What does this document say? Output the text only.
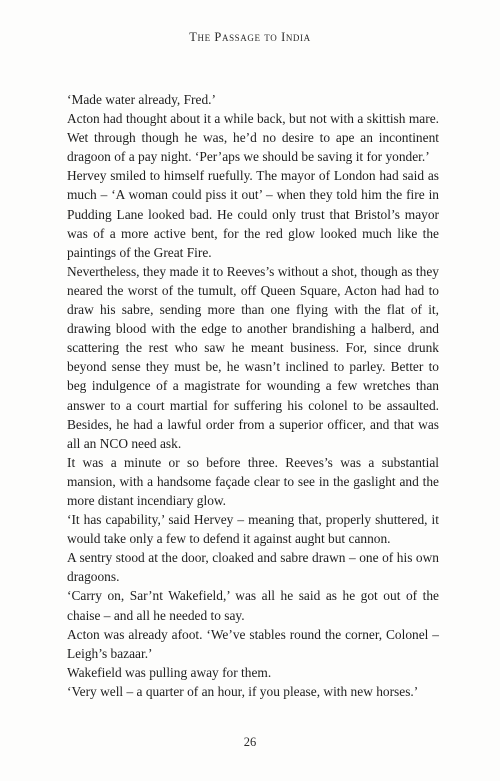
The Passage to India

‘Made water already, Fred.’

Acton had thought about it a while back, but not with a skittish mare. Wet through though he was, he’d no desire to ape an incontinent dragoon of a pay night. ‘Per’aps we should be saving it for yonder.’

Hervey smiled to himself ruefully. The mayor of London had said as much – ‘A woman could piss it out’ – when they told him the fire in Pudding Lane looked bad. He could only trust that Bristol’s mayor was of a more active bent, for the red glow looked much like the paintings of the Great Fire.

Nevertheless, they made it to Reeves’s without a shot, though as they neared the worst of the tumult, off Queen Square, Acton had had to draw his sabre, sending more than one flying with the flat of it, drawing blood with the edge to another brandishing a halberd, and scattering the rest who saw he meant business. For, since drunk beyond sense they must be, he wasn’t inclined to parley. Better to beg indulgence of a magistrate for wounding a few wretches than answer to a court martial for suffering his colonel to be assaulted. Besides, he had a lawful order from a superior officer, and that was all an NCO need ask.

It was a minute or so before three. Reeves’s was a substantial mansion, with a handsome façade clear to see in the gaslight and the more distant incendiary glow.

‘It has capability,’ said Hervey – meaning that, properly shuttered, it would take only a few to defend it against aught but cannon.

A sentry stood at the door, cloaked and sabre drawn – one of his own dragoons.

‘Carry on, Sar’nt Wakefield,’ was all he said as he got out of the chaise – and all he needed to say.

Acton was already afoot. ‘We’ve stables round the corner, Colonel – Leigh’s bazaar.’

Wakefield was pulling away for them.

‘Very well – a quarter of an hour, if you please, with new horses.’

26
